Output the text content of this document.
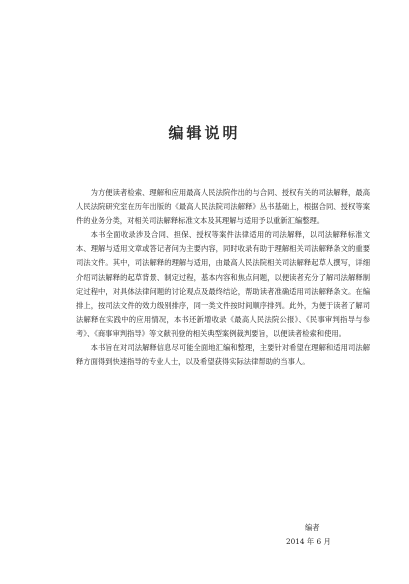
编辑说明

为方便读者检索、理解和应用最高人民法院作出的与合同、授权有关的司法解释，最高人民法院研究室在历年出版的《最高人民法院司法解释》丛书基础上，根据合同、授权等案件的业务分类，对相关司法解释标准文本及其理解与适用予以重新汇编整理。

本书全面收录涉及合同、担保、授权等案件法律适用的司法解释，以司法解释标准文本、理解与适用文章或答记者问为主要内容，同时收录有助于理解相关司法解释条文的重要司法文件。其中，司法解释的理解与适用，由最高人民法院相关司法解释起草人撰写，详细介绍司法解释的起草背景、制定过程，基本内容和焦点问题，以便读者充分了解司法解释制定过程中，对具体法律问题的讨论观点及最终结论，帮助读者准确适用司法解释条文。在编排上，按司法文件的效力级别排序，同一类文件按时间顺序排列。此外，为便于读者了解司法解释在实践中的应用情况，本书还新增收录《最高人民法院公报》、《民事审判指导与参考》、《商事审判指导》等文献刊登的相关典型案例裁判要旨，以便读者检索和使用。

本书旨在对司法解释信息尽可能全面地汇编和整理，主要针对希望在理解和适用司法解释方面得到快速指导的专业人士，以及希望获得实际法律帮助的当事人。

编者
2014 年 6 月
